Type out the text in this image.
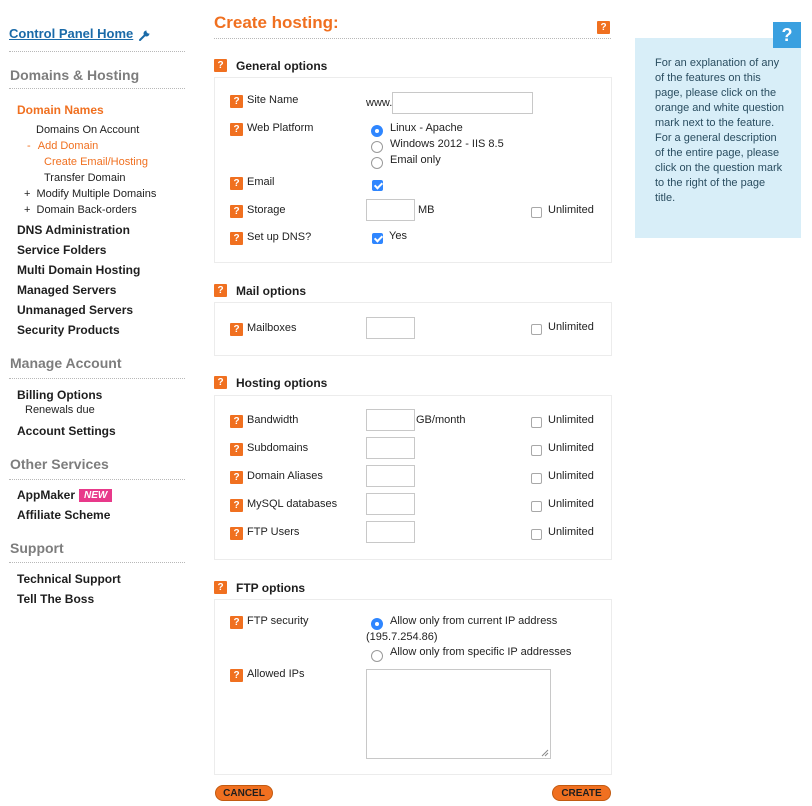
Control Panel Home
Domains & Hosting
Domain Names
Domains On Account
- Add Domain
Create Email/Hosting
Transfer Domain
+ Modify Multiple Domains
+ Domain Back-orders
DNS Administration
Service Folders
Multi Domain Hosting
Managed Servers
Unmanaged Servers
Security Products
Manage Account
Billing Options
Renewals due
Account Settings
Other Services
AppMaker NEW
Affiliate Scheme
Support
Technical Support
Tell The Boss
Create hosting:	?	?
For an explanation of any of the features on this page, please click on the orange and white question mark next to the feature. For a general description of the entire page, please click on the question mark to the right of the page title.
? General options
? Site Name	www.
? Web Platform	Linux - Apache
Windows 2012 - IIS 8.5
Email only
? Email
? Storage	MB	Unlimited
? Set up DNS?	Yes
? Mail options
? Mailboxes	Unlimited
? Hosting options
? Bandwidth	GB/month	Unlimited
? Subdomains	Unlimited
? Domain Aliases	Unlimited
? MySQL databases	Unlimited
? FTP Users	Unlimited
? FTP options
? FTP security	Allow only from current IP address
(195.7.254.86)
Allow only from specific IP addresses
? Allowed IPs
CANCEL	CREATE
